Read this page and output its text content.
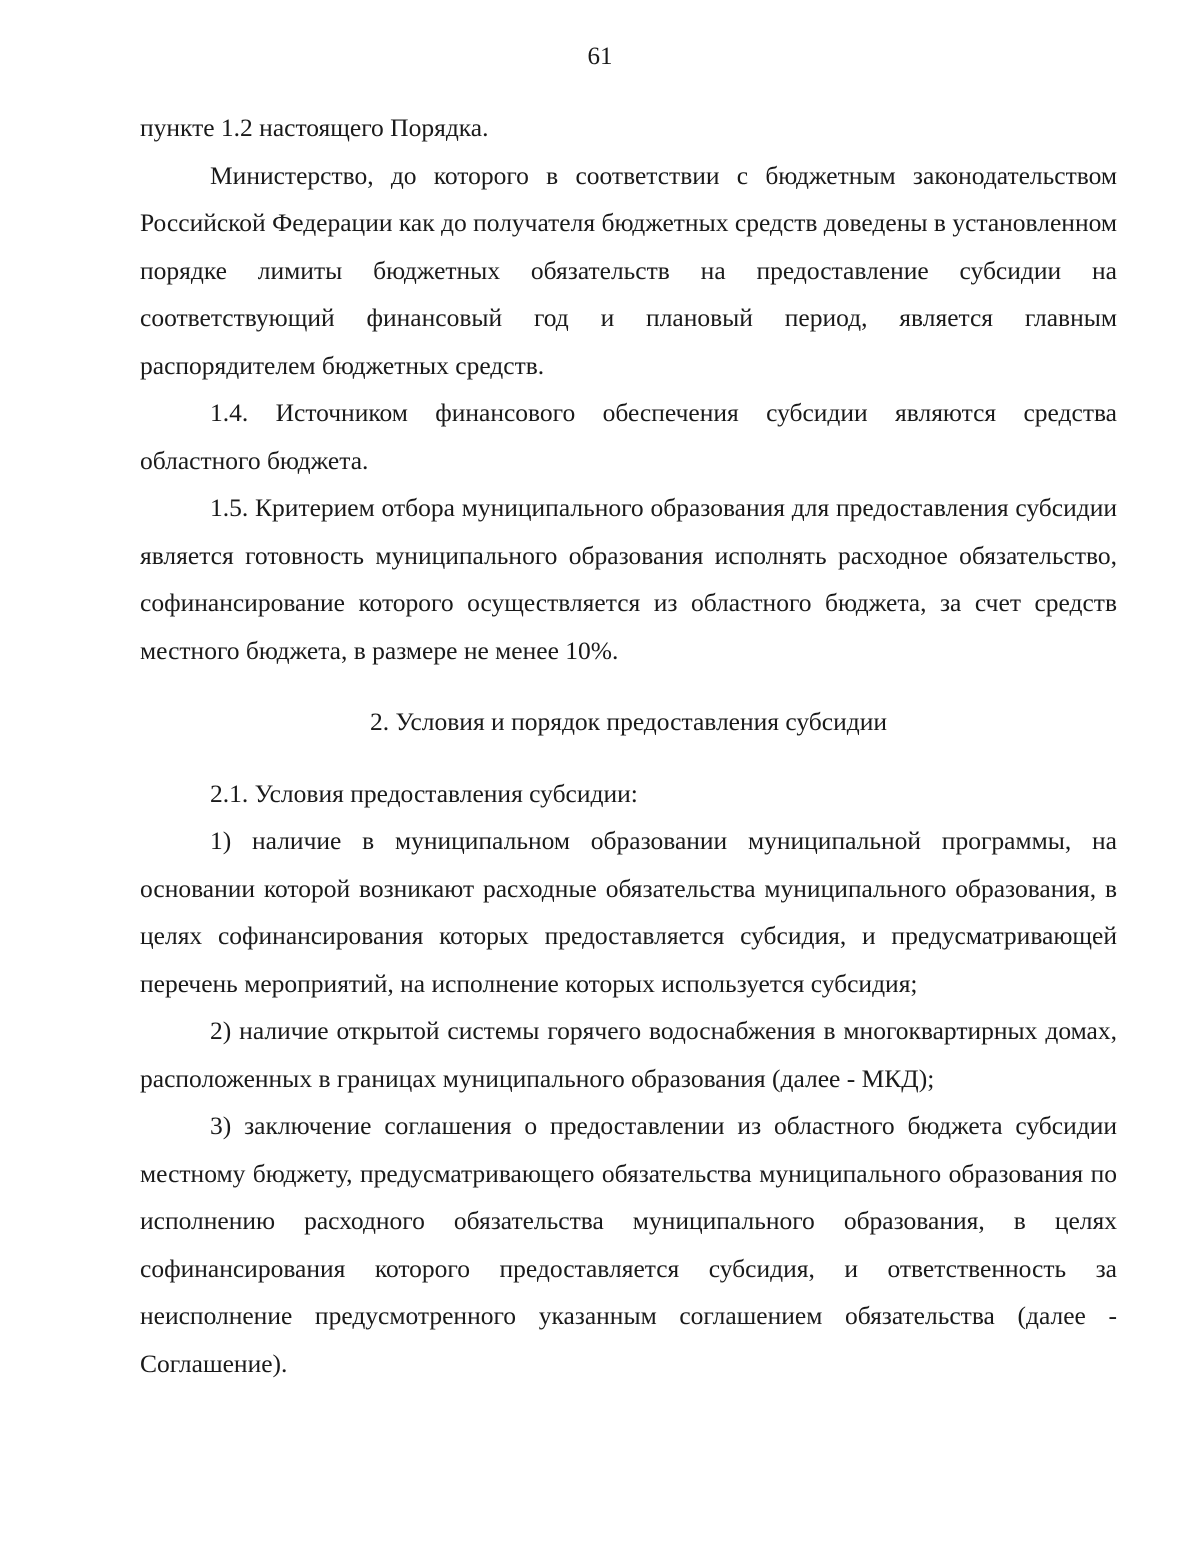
61

пункте 1.2 настоящего Порядка.

Министерство, до которого в соответствии с бюджетным законодательством Российской Федерации как до получателя бюджетных средств доведены в установленном порядке лимиты бюджетных обязательств на предоставление субсидии на соответствующий финансовый год и плановый период, является главным распорядителем бюджетных средств.

1.4. Источником финансового обеспечения субсидии являются средства областного бюджета.

1.5. Критерием отбора муниципального образования для предоставления субсидии является готовность муниципального образования исполнять расходное обязательство, софинансирование которого осуществляется из областного бюджета, за счет средств местного бюджета, в размере не менее 10%.

2. Условия и порядок предоставления субсидии

2.1. Условия предоставления субсидии:

1) наличие в муниципальном образовании муниципальной программы, на основании которой возникают расходные обязательства муниципального образования, в целях софинансирования которых предоставляется субсидия, и предусматривающей перечень мероприятий, на исполнение которых используется субсидия;

2) наличие открытой системы горячего водоснабжения в многоквартирных домах, расположенных в границах муниципального образования (далее - МКД);

3) заключение соглашения о предоставлении из областного бюджета субсидии местному бюджету, предусматривающего обязательства муниципального образования по исполнению расходного обязательства муниципального образования, в целях софинансирования которого предоставляется субсидия, и ответственность за неисполнение предусмотренного указанным соглашением обязательства (далее - Соглашение).
